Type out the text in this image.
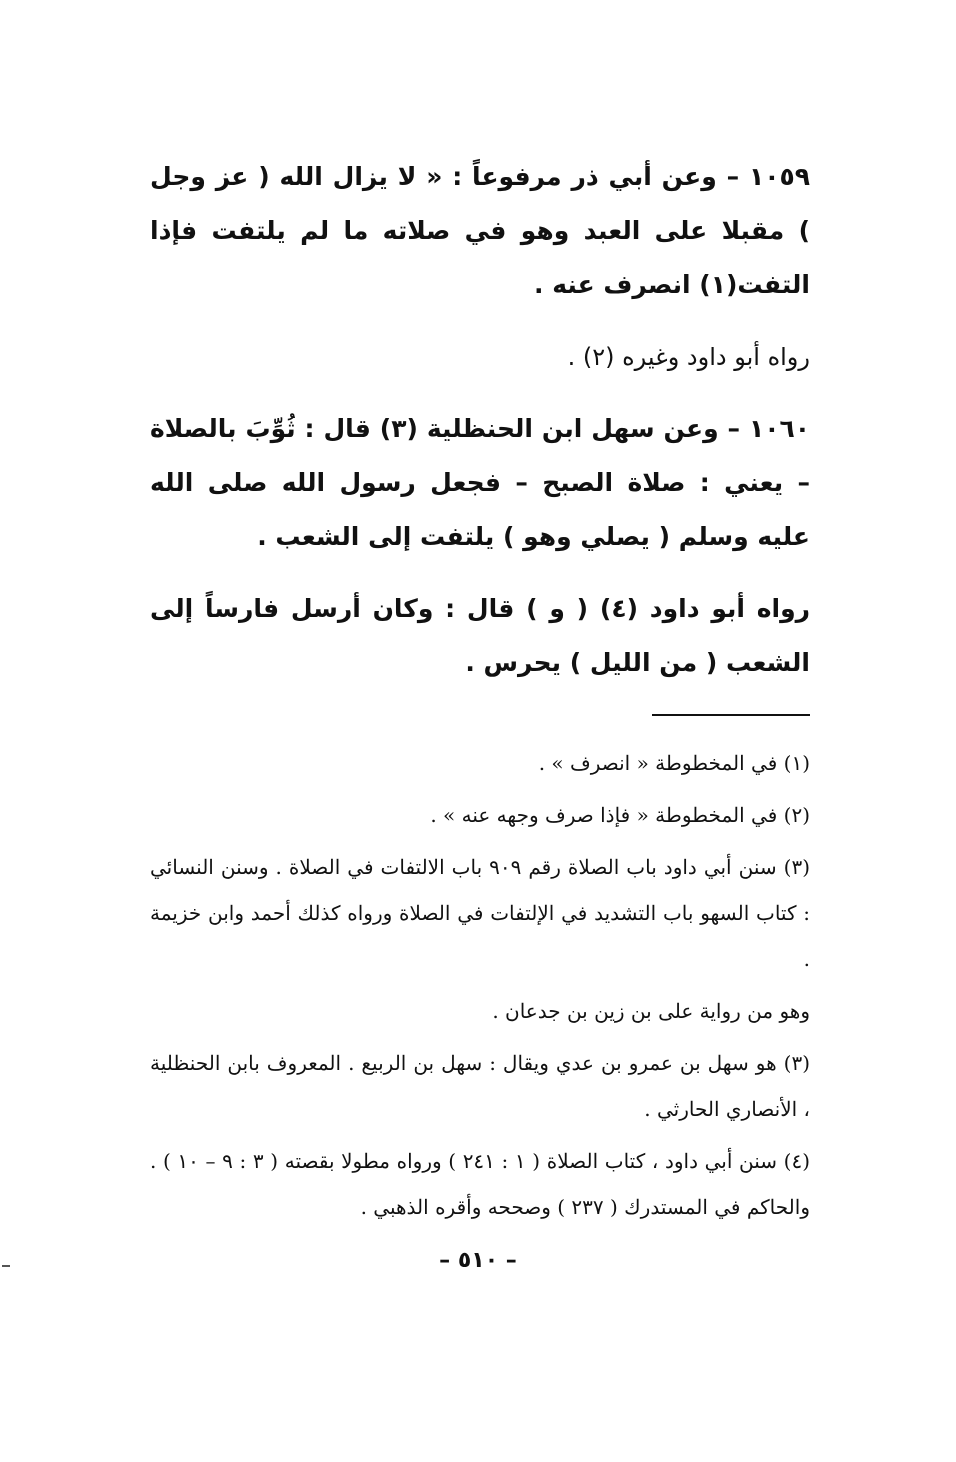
١٠٥٩ – وعن أبي ذر مرفوعاً : « لا يزال الله ( عز وجل ) مقبلا على العبد وهو في صلاته ما لم يلتفت فإذا التفت(١) انصرف عنه .

رواه أبو داود وغيره (٢) .

١٠٦٠ – وعن سهل ابن الحنظلية (٣) قال : ثُوِّبَ بالصلاة – يعني : صلاة الصبح – فجعل رسول الله صلى الله عليه وسلم ( يصلي وهو ) يلتفت إلى الشعب .

رواه أبو داود (٤) ( و ) قال : وكان أرسل فارساً إلى الشعب ( من الليل ) يحرس .

(١) في المخطوطة « انصرف » .

(٢) في المخطوطة « فإذا صرف وجهه عنه » .

(٣) سنن أبي داود باب الصلاة رقم ٩٠٩ باب الالتفات في الصلاة . وسنن النسائي : كتاب السهو باب التشديد في الإلتفات في الصلاة ورواه كذلك أحمد وابن خزيمة .

وهو من رواية على بن زين بن جدعان .

(٣) هو سهل بن عمرو بن عدي ويقال : سهل بن الربيع . المعروف بابن الحنظلية ، الأنصاري الحارثي .

(٤) سنن أبي داود ، كتاب الصلاة ( ١ : ٢٤١ ) ورواه مطولا بقصته ( ٣ : ٩ – ١٠ ) . والحاكم في المستدرك ( ٢٣٧ ) وصححه وأقره الذهبي .

– ٥١٠ –
